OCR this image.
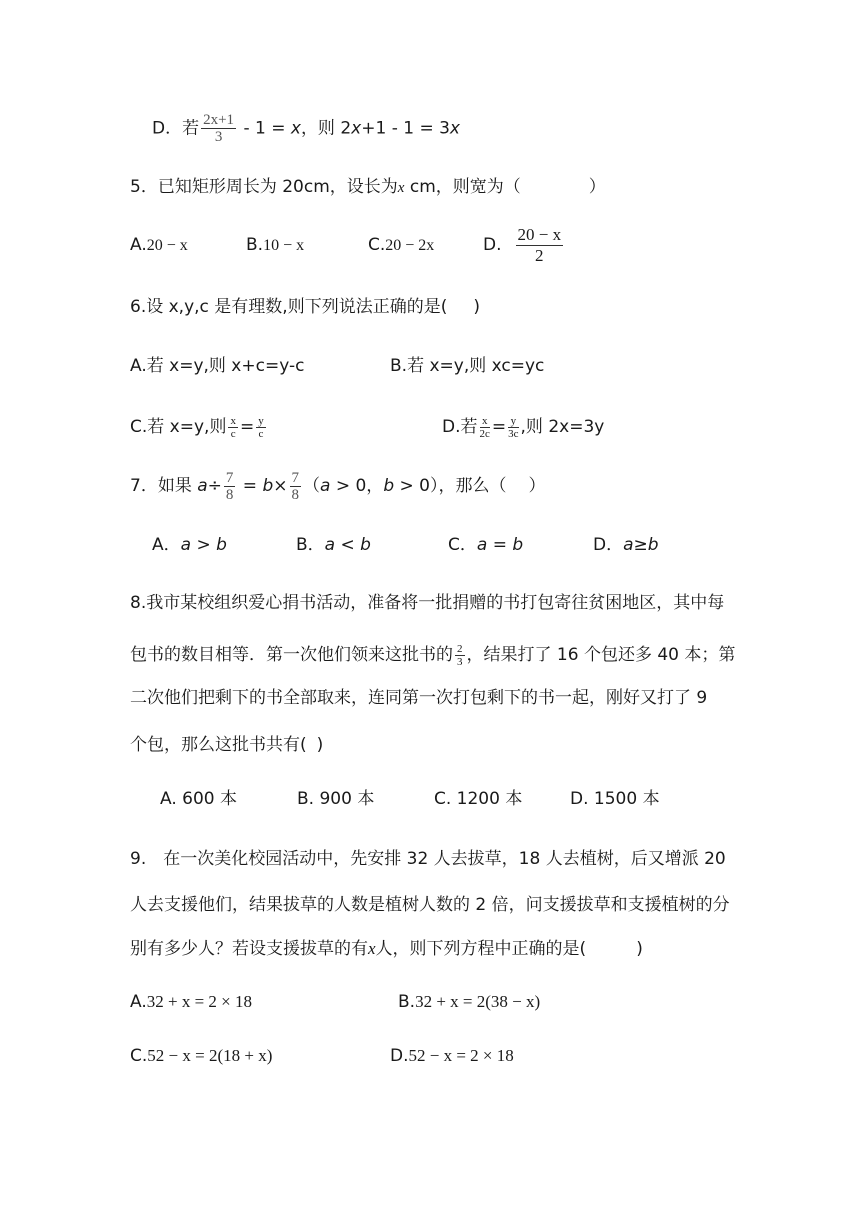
D．若 $\frac{2x+1}{3} - 1 = x$，则 2x+1 - 1 = 3x
5．已知矩形周长为 20cm，设长为x cm，则宽为（	）
A.20 − x	B.10 − x	C.20 − 2x	D. $\frac{20 - x}{2}$
6.设 x,y,c 是有理数,则下列说法正确的是( )
A.若 x=y,则 x+c=y-c	B.若 x=y,则 xc=yc
C.若 x=y,则 $\frac{x}{c} = \frac{y}{c}$	D.若 $\frac{x}{2c} = \frac{y}{3c}$ ,则 2x=3y
7．如果 $a\div \frac{7}{8} = b\times \frac{7}{8} (a > 0$，b > 0），那么（ ）
A．a > b	B．a < b	C．a = b	D．a≥b
8.我市某校组织爱心捐书活动，准备将一批捐赠的书打包寄往贫困地区，其中每
包书的数目相等．第一次他们领来这批书的 $\frac{2}{3}$ ，结果打了 16 个包还多 40 本；第
二次他们把剩下的书全部取来，连同第一次打包剩下的书一起，刚好又打了 9
个包，那么这批书共有( )
A. 600 本	B. 900 本	C. 1200 本	D. 1500 本
9.　在一次美化校园活动中，先安排 32 人去拔草，18 人去植树，后又增派 20
人去支援他们，结果拔草的人数是植树人数的 2 倍，问支援拔草和支援植树的分
别有多少人？若设支援拔草的有x人，则下列方程中正确的是(	)
A.32 + x = 2 × 18	B.32 + x = 2(38 − x)
C.52 − x = 2(18 + x)	D.52 − x = 2 × 18
